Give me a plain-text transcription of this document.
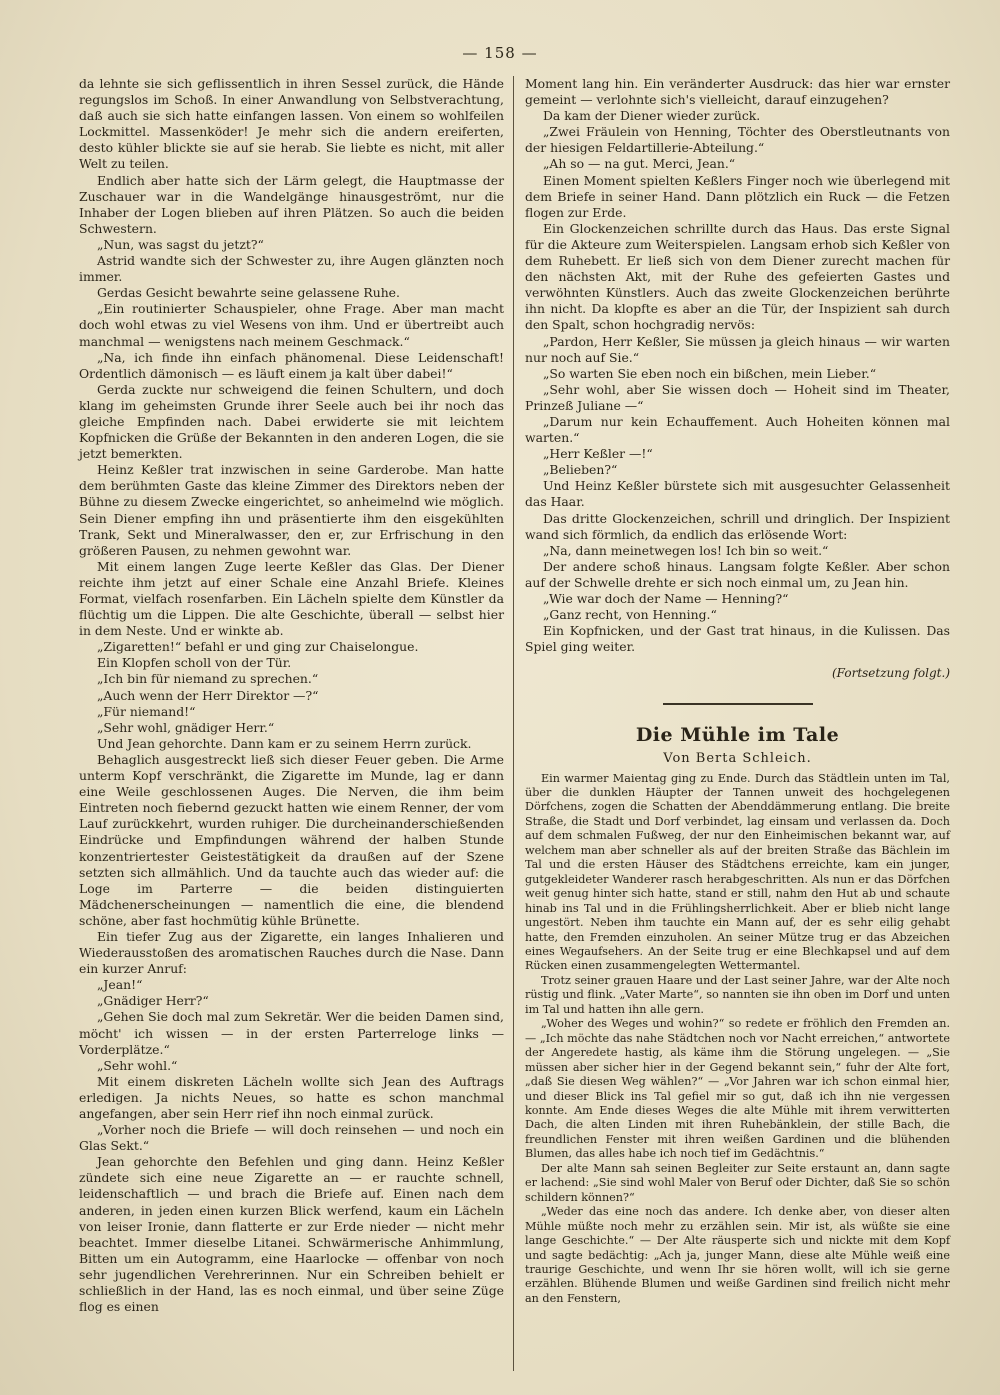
— 158 —

da lehnte sie sich geflissentlich in ihren Sessel zurück, die Hände regungslos im Schoß. In einer Anwandlung von Selbstverachtung, daß auch sie sich hatte einfangen lassen. Von einem so wohlfeilen Lockmittel. Massenköder! Je mehr sich die andern ereiferten, desto kühler blickte sie auf sie herab. Sie liebte es nicht, mit aller Welt zu teilen.

Endlich aber hatte sich der Lärm gelegt, die Hauptmasse der Zuschauer war in die Wandelgänge hinausgeströmt, nur die Inhaber der Logen blieben auf ihren Plätzen. So auch die beiden Schwestern.

„Nun, was sagst du jetzt?“

Astrid wandte sich der Schwester zu, ihre Augen glänzten noch immer.

Gerdas Gesicht bewahrte seine gelassene Ruhe.

„Ein routinierter Schauspieler, ohne Frage. Aber man macht doch wohl etwas zu viel Wesens von ihm. Und er übertreibt auch manchmal — wenigstens nach meinem Geschmack.“

„Na, ich finde ihn einfach phänomenal. Diese Leidenschaft! Ordentlich dämonisch — es läuft einem ja kalt über dabei!“

Gerda zuckte nur schweigend die feinen Schultern, und doch klang im geheimsten Grunde ihrer Seele auch bei ihr noch das gleiche Empfinden nach. Dabei erwiderte sie mit leichtem Kopfnicken die Grüße der Bekannten in den anderen Logen, die sie jetzt bemerkten.

Heinz Keßler trat inzwischen in seine Garderobe. Man hatte dem berühmten Gaste das kleine Zimmer des Direktors neben der Bühne zu diesem Zwecke eingerichtet, so anheimelnd wie möglich. Sein Diener empfing ihn und präsentierte ihm den eisgekühlten Trank, Sekt und Mineralwasser, den er, zur Erfrischung in den größeren Pausen, zu nehmen gewohnt war.

Mit einem langen Zuge leerte Keßler das Glas. Der Diener reichte ihm jetzt auf einer Schale eine Anzahl Briefe. Kleines Format, vielfach rosenfarben. Ein Lächeln spielte dem Künstler da flüchtig um die Lippen. Die alte Geschichte, überall — selbst hier in dem Neste. Und er winkte ab.

„Zigaretten!“ befahl er und ging zur Chaiselongue.

Ein Klopfen scholl von der Tür.

„Ich bin für niemand zu sprechen.“

„Auch wenn der Herr Direktor —?“

„Für niemand!“

„Sehr wohl, gnädiger Herr.“

Und Jean gehorchte. Dann kam er zu seinem Herrn zurück.

Behaglich ausgestreckt ließ sich dieser Feuer geben. Die Arme unterm Kopf verschränkt, die Zigarette im Munde, lag er dann eine Weile geschlossenen Auges. Die Nerven, die ihm beim Eintreten noch fiebernd gezuckt hatten wie einem Renner, der vom Lauf zurückkehrt, wurden ruhiger. Die durcheinanderschießenden Eindrücke und Empfindungen während der halben Stunde konzentriertester Geistestätigkeit da draußen auf der Szene setzten sich allmählich. Und da tauchte auch das wieder auf: die Loge im Parterre — die beiden distinguierten Mädchenerscheinungen — namentlich die eine, die blendend schöne, aber fast hochmütig kühle Brünette.

Ein tiefer Zug aus der Zigarette, ein langes Inhalieren und Wiederausstoßen des aromatischen Rauches durch die Nase. Dann ein kurzer Anruf:

„Jean!“

„Gnädiger Herr?“

„Gehen Sie doch mal zum Sekretär. Wer die beiden Damen sind, möcht' ich wissen — in der ersten Parterreloge links — Vorderplätze.“

„Sehr wohl.“

Mit einem diskreten Lächeln wollte sich Jean des Auftrags erledigen. Ja nichts Neues, so hatte es schon manchmal angefangen, aber sein Herr rief ihn noch einmal zurück.

„Vorher noch die Briefe — will doch reinsehen — und noch ein Glas Sekt.“

Jean gehorchte den Befehlen und ging dann. Heinz Keßler zündete sich eine neue Zigarette an — er rauchte schnell, leidenschaftlich — und brach die Briefe auf. Einen nach dem anderen, in jeden einen kurzen Blick werfend, kaum ein Lächeln von leiser Ironie, dann flatterte er zur Erde nieder — nicht mehr beachtet. Immer dieselbe Litanei. Schwärmerische Anhimmlung, Bitten um ein Autogramm, eine Haarlocke — offenbar von noch sehr jugendlichen Verehrerinnen. Nur ein Schreiben behielt er schließlich in der Hand, las es noch einmal, und über seine Züge flog es einen

Moment lang hin. Ein veränderter Ausdruck: das hier war ernster gemeint — verlohnte sich's vielleicht, darauf einzugehen?

Da kam der Diener wieder zurück.

„Zwei Fräulein von Henning, Töchter des Oberstleutnants von der hiesigen Feldartillerie-Abteilung.“

„Ah so — na gut. Merci, Jean.“

Einen Moment spielten Keßlers Finger noch wie überlegend mit dem Briefe in seiner Hand. Dann plötzlich ein Ruck — die Fetzen flogen zur Erde.

Ein Glockenzeichen schrillte durch das Haus. Das erste Signal für die Akteure zum Weiterspielen. Langsam erhob sich Keßler von dem Ruhebett. Er ließ sich von dem Diener zurecht machen für den nächsten Akt, mit der Ruhe des gefeierten Gastes und verwöhnten Künstlers. Auch das zweite Glockenzeichen berührte ihn nicht. Da klopfte es aber an die Tür, der Inspizient sah durch den Spalt, schon hochgradig nervös:

„Pardon, Herr Keßler, Sie müssen ja gleich hinaus — wir warten nur noch auf Sie.“

„So warten Sie eben noch ein bißchen, mein Lieber.“

„Sehr wohl, aber Sie wissen doch — Hoheit sind im Theater, Prinzeß Juliane —“

„Darum nur kein Echauffement. Auch Hoheiten können mal warten.“

„Herr Keßler —!“

„Belieben?“

Und Heinz Keßler bürstete sich mit ausgesuchter Gelassenheit das Haar.

Das dritte Glockenzeichen, schrill und dringlich. Der Inspizient wand sich förmlich, da endlich das erlösende Wort:

„Na, dann meinetwegen los! Ich bin so weit.“

Der andere schoß hinaus. Langsam folgte Keßler. Aber schon auf der Schwelle drehte er sich noch einmal um, zu Jean hin.

„Wie war doch der Name — Henning?“

„Ganz recht, von Henning.“

Ein Kopfnicken, und der Gast trat hinaus, in die Kulissen. Das Spiel ging weiter.

(Fortsetzung folgt.)
Die Mühle im Tale
Von Berta Schleich.

Ein warmer Maientag ging zu Ende. Durch das Städtlein unten im Tal, über die dunklen Häupter der Tannen unweit des hochgelegenen Dörfchens, zogen die Schatten der Abenddämmerung entlang. Die breite Straße, die Stadt und Dorf verbindet, lag einsam und verlassen da. Doch auf dem schmalen Fußweg, der nur den Einheimischen bekannt war, auf welchem man aber schneller als auf der breiten Straße das Bächlein im Tal und die ersten Häuser des Städtchens erreichte, kam ein junger, gutgekleideter Wanderer rasch herabgeschritten. Als nun er das Dörfchen weit genug hinter sich hatte, stand er still, nahm den Hut ab und schaute hinab ins Tal und in die Frühlingsherrlichkeit. Aber er blieb nicht lange ungestört. Neben ihm tauchte ein Mann auf, der es sehr eilig gehabt hatte, den Fremden einzuholen. An seiner Mütze trug er das Abzeichen eines Wegaufsehers. An der Seite trug er eine Blechkapsel und auf dem Rücken einen zusammengelegten Wettermantel.

Trotz seiner grauen Haare und der Last seiner Jahre, war der Alte noch rüstig und flink. „Vater Marte“, so nannten sie ihn oben im Dorf und unten im Tal und hatten ihn alle gern.

„Woher des Weges und wohin?“ so redete er fröhlich den Fremden an. — „Ich möchte das nahe Städtchen noch vor Nacht erreichen,“ antwortete der Angeredete hastig, als käme ihm die Störung ungelegen. — „Sie müssen aber sicher hier in der Gegend bekannt sein,“ fuhr der Alte fort, „daß Sie diesen Weg wählen?“ — „Vor Jahren war ich schon einmal hier, und dieser Blick ins Tal gefiel mir so gut, daß ich ihn nie vergessen konnte. Am Ende dieses Weges die alte Mühle mit ihrem verwitterten Dach, die alten Linden mit ihren Ruhebänklein, der stille Bach, die freundlichen Fenster mit ihren weißen Gardinen und die blühenden Blumen, das alles habe ich noch tief im Gedächtnis.“

Der alte Mann sah seinen Begleiter zur Seite erstaunt an, dann sagte er lachend: „Sie sind wohl Maler von Beruf oder Dichter, daß Sie so schön schildern können?“

„Weder das eine noch das andere. Ich denke aber, von dieser alten Mühle müßte noch mehr zu erzählen sein. Mir ist, als wüßte sie eine lange Geschichte.“ — Der Alte räusperte sich und nickte mit dem Kopf und sagte bedächtig: „Ach ja, junger Mann, diese alte Mühle weiß eine traurige Geschichte, und wenn Ihr sie hören wollt, will ich sie gerne erzählen. Blühende Blumen und weiße Gardinen sind freilich nicht mehr an den Fenstern,
